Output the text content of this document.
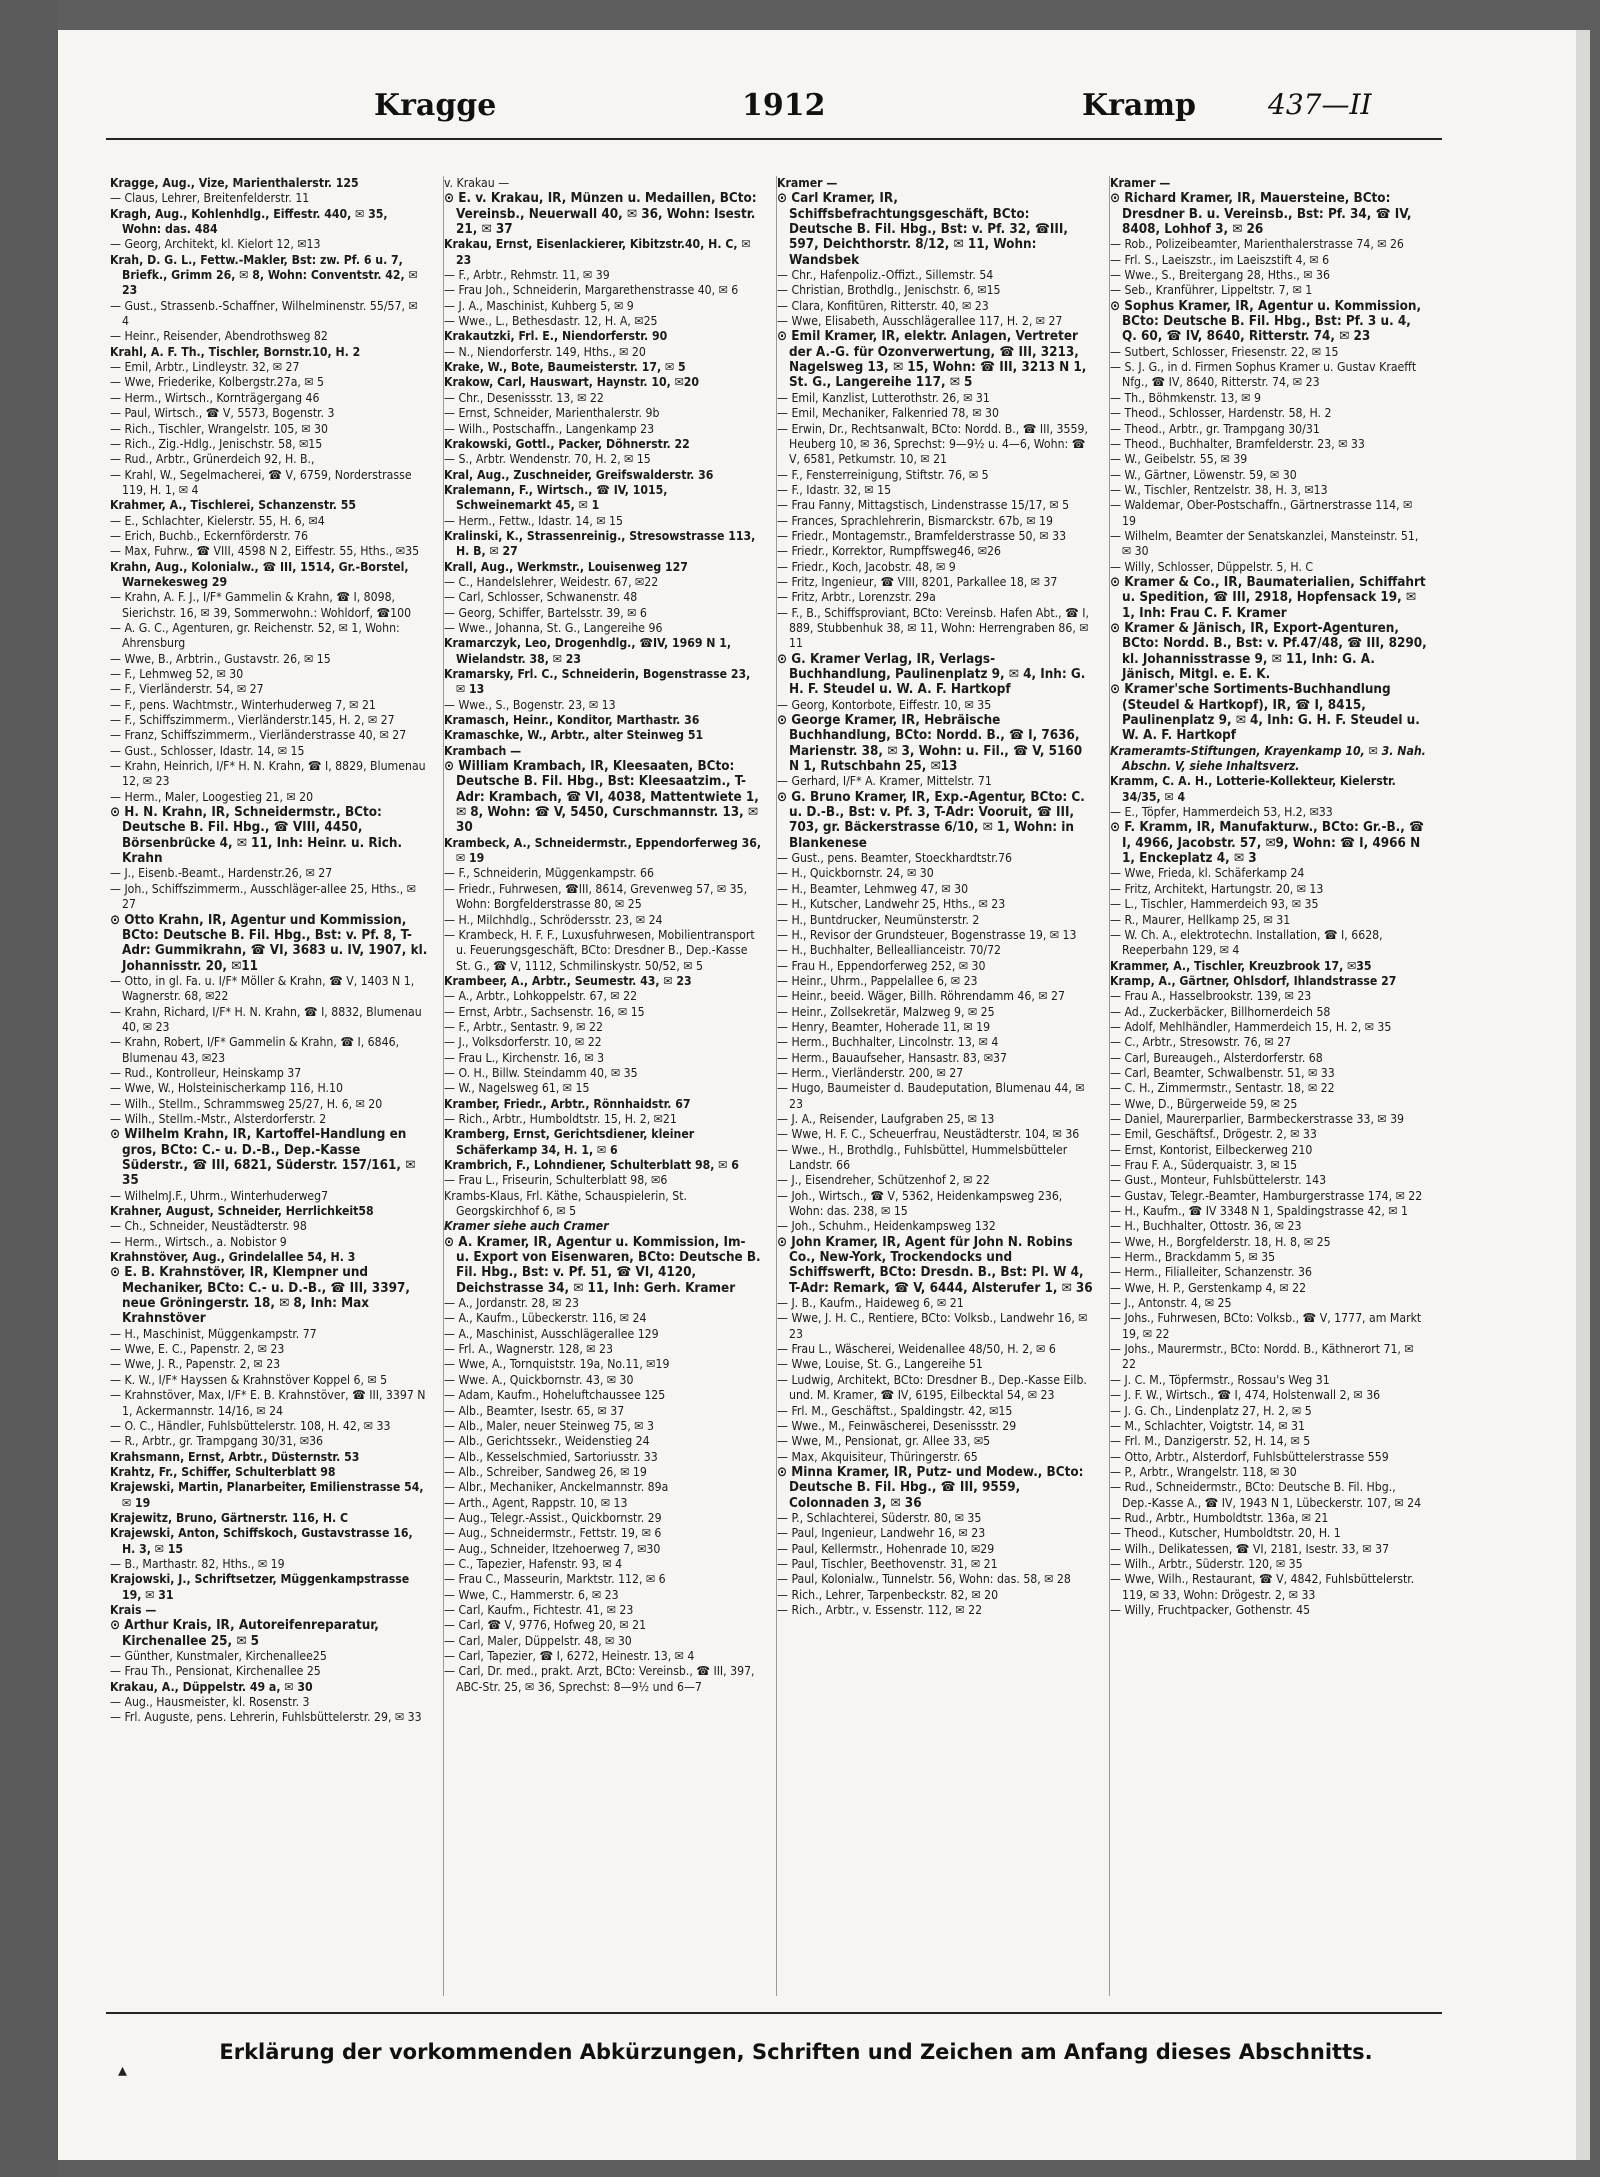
Kragge	1912	Kramp	437—II
Kragge, Aug., Vize, Marienthalerstr. 125
— Claus, Lehrer, Breitenfelderstr. 11
Kragh, Aug., Kohlenhdlg., Eiffestr. 440, ✉ 35, Wohn: das. 484
— Georg, Architekt, kl. Kielort 12, ✉13
Krah, D. G. L., Fettw.-Makler, Bst: zw. Pf. 6 u. 7, Briefk., Grimm 26, ✉ 8, Wohn: Conventstr. 42, ✉ 23
— Gust., Strassenb.-Schaffner, Wilhelminenstr. 55/57, ✉ 4
— Heinr., Reisender, Abendrothsweg 82
Krahl, A. F. Th., Tischler, Bornstr.10, H. 2
— Emil, Arbtr., Lindleystr. 32, ✉ 27
— Wwe, Friederike, Kolbergstr.27a, ✉ 5
— Herm., Wirtsch., Kornträgergang 46
— Paul, Wirtsch., ☎ V, 5573, Bogenstr. 3
— Rich., Tischler, Wrangelstr. 105, ✉ 30
— Rich., Zig.-Hdlg., Jenischstr. 58, ✉15
— Rud., Arbtr., Grünerdeich 92, H. B.,
— Krahl, W., Segelmacherei, ☎ V, 6759, Norderstrasse 119, H. 1, ✉ 4
Krahmer, A., Tischlerei, Schanzenstr. 55
— E., Schlachter, Kielerstr. 55, H. 6, ✉4
— Erich, Buchb., Eckernförderstr. 76
— Max, Fuhrw., ☎ VIII, 4598 N 2, Eiffestr. 55, Hths., ✉35
Krahn, Aug., Kolonialw., ☎ III, 1514, Gr.-Borstel, Warnekesweg 29
— Krahn, A. F. J., I/F* Gammelin & Krahn, ☎ I, 8098, Sierichstr. 16, ✉ 39, Sommerwohn.: Wohldorf, ☎100
— A. G. C., Agenturen, gr. Reichenstr. 52, ✉ 1, Wohn: Ahrensburg
— Wwe, B., Arbtrin., Gustavstr. 26, ✉ 15
— F., Lehmweg 52, ✉ 30
— F., Vierländerstr. 54, ✉ 27
— F., pens. Wachtmstr., Winterhuderweg 7, ✉ 21
— F., Schiffszimmerm., Vierländerstr.145, H. 2, ✉ 27
— Franz, Schiffszimmerm., Vierländerstrasse 40, ✉ 27
— Gust., Schlosser, Idastr. 14, ✉ 15
— Krahn, Heinrich, I/F* H. N. Krahn, ☎ I, 8829, Blumenau 12, ✉ 23
— Herm., Maler, Loogestieg 21, ✉ 20
⊙ H. N. Krahn, IR, Schneidermstr., BCto: Deutsche B. Fil. Hbg., ☎ VIII, 4450, Börsenbrücke 4, ✉ 11, Inh: Heinr. u. Rich. Krahn
— J., Eisenb.-Beamt., Hardenstr.26, ✉ 27
— Joh., Schiffszimmerm., Ausschläger-allee 25, Hths., ✉ 27
⊙ Otto Krahn, IR, Agentur und Kommission, BCto: Deutsche B. Fil. Hbg., Bst: v. Pf. 8, T-Adr: Gummikrahn, ☎ VI, 3683 u. IV, 1907, kl. Johannisstr. 20, ✉11
— Otto, in gl. Fa. u. I/F* Möller & Krahn, ☎ V, 1403 N 1, Wagnerstr. 68, ✉22
— Krahn, Richard, I/F* H. N. Krahn, ☎ I, 8832, Blumenau 40, ✉ 23
— Krahn, Robert, I/F* Gammelin & Krahn, ☎ I, 6846, Blumenau 43, ✉23
— Rud., Kontrolleur, Heinskamp 37
— Wwe, W., Holsteinischerkamp 116, H.10
— Wilh., Stellm., Schrammsweg 25/27, H. 6, ✉ 20
— Wilh., Stellm.-Mstr., Alsterdorferstr. 2
⊙ Wilhelm Krahn, IR, Kartoffel-Handlung en gros, BCto: C.- u. D.-B., Dep.-Kasse Süderstr., ☎ III, 6821, Süderstr. 157/161, ✉ 35
— WilhelmJ.F., Uhrm., Winterhuderweg7
Krahner, August, Schneider, Herrlichkeit58
— Ch., Schneider, Neustädterstr. 98
— Herm., Wirtsch., a. Nobistor 9
Krahnstöver, Aug., Grindelallee 54, H. 3
⊙ E. B. Krahnstöver, IR, Klempner und Mechaniker, BCto: C.- u. D.-B., ☎ III, 3397, neue Gröningerstr. 18, ✉ 8, Inh: Max Krahnstöver
— H., Maschinist, Müggenkampstr. 77
— Wwe, E. C., Papenstr. 2, ✉ 23
— Wwe, J. R., Papenstr. 2, ✉ 23
— K. W., I/F* Hayssen & Krahnstöver Koppel 6, ✉ 5
— Krahnstöver, Max, I/F* E. B. Krahnstöver, ☎ III, 3397 N 1, Ackermannstr. 14/16, ✉ 24
— O. C., Händler, Fuhlsbüttelerstr. 108, H. 42, ✉ 33
— R., Arbtr., gr. Trampgang 30/31, ✉36
Krahsmann, Ernst, Arbtr., Düsternstr. 53
Krahtz, Fr., Schiffer, Schulterblatt 98
Krajewski, Martin, Planarbeiter, Emilienstrasse 54, ✉ 19
Krajewitz, Bruno, Gärtnerstr. 116, H. C
Krajewski, Anton, Schiffskoch, Gustavstrasse 16, H. 3, ✉ 15
— B., Marthastr. 82, Hths., ✉ 19
Krajowski, J., Schriftsetzer, Müggenkampstrasse 19, ✉ 31
Krais —
⊙ Arthur Krais, IR, Autoreifenreparatur, Kirchenallee 25, ✉ 5
— Günther, Kunstmaler, Kirchenallee25
— Frau Th., Pensionat, Kirchenallee 25
Krakau, A., Düppelstr. 49 a, ✉ 30
— Aug., Hausmeister, kl. Rosenstr. 3
— Frl. Auguste, pens. Lehrerin, Fuhlsbüttelerstr. 29, ✉ 33
v. Krakau —
⊙ E. v. Krakau, IR, Münzen u. Medaillen, BCto: Vereinsb., Neuerwall 40, ✉ 36, Wohn: Isestr. 21, ✉ 37
Krakau, Ernst, Eisenlackierer, Kibitzstr.40, H. C, ✉ 23
— F., Arbtr., Rehmstr. 11, ✉ 39
— Frau Joh., Schneiderin, Margarethenstrasse 40, ✉ 6
— J. A., Maschinist, Kuhberg 5, ✉ 9
— Wwe., L., Bethesdastr. 12, H. A, ✉25
Krakautzki, Frl. E., Niendorferstr. 90
— N., Niendorferstr. 149, Hths., ✉ 20
Krake, W., Bote, Baumeisterstr. 17, ✉ 5
Krakow, Carl, Hauswart, Haynstr. 10, ✉20
— Chr., Desenissstr. 13, ✉ 22
— Ernst, Schneider, Marienthalerstr. 9b
— Wilh., Postschaffn., Langenkamp 23
Krakowski, Gottl., Packer, Döhnerstr. 22
— S., Arbtr. Wendenstr. 70, H. 2, ✉ 15
Kral, Aug., Zuschneider, Greifswalderstr. 36
Kralemann, F., Wirtsch., ☎ IV, 1015, Schweinemarkt 45, ✉ 1
— Herm., Fettw., Idastr. 14, ✉ 15
Kralinski, K., Strassenreinig., Stresowstrasse 113, H. B, ✉ 27
Krall, Aug., Werkmstr., Louisenweg 127
— C., Handelslehrer, Weidestr. 67, ✉22
— Carl, Schlosser, Schwanenstr. 48
— Georg, Schiffer, Bartelsstr. 39, ✉ 6
— Wwe., Johanna, St. G., Langereihe 96
Kramarczyk, Leo, Drogenhdlg., ☎IV, 1969 N 1, Wielandstr. 38, ✉ 23
Kramarsky, Frl. C., Schneiderin, Bogenstrasse 23, ✉ 13
— Wwe., S., Bogenstr. 23, ✉ 13
Kramasch, Heinr., Konditor, Marthastr. 36
Kramaschke, W., Arbtr., alter Steinweg 51
Krambach —
⊙ William Krambach, IR, Kleesaaten, BCto: Deutsche B. Fil. Hbg., Bst: Kleesaatzim., T-Adr: Krambach, ☎ VI, 4038, Mattentwiete 1, ✉ 8, Wohn: ☎ V, 5450, Curschmannstr. 13, ✉ 30
Krambeck, A., Schneidermstr., Eppendorferweg 36, ✉ 19
— F., Schneiderin, Müggenkampstr. 66
— Friedr., Fuhrwesen, ☎III, 8614, Grevenweg 57, ✉ 35, Wohn: Borgfelderstrasse 80, ✉ 25
— H., Milchhdlg., Schrödersstr. 23, ✉ 24
— Krambeck, H. F. F., Luxusfuhrwesen, Mobilientransport u. Feuerungsgeschäft, BCto: Dresdner B., Dep.-Kasse St. G., ☎ V, 1112, Schmilinskystr. 50/52, ✉ 5
Krambeer, A., Arbtr., Seumestr. 43, ✉ 23
— A., Arbtr., Lohkoppelstr. 67, ✉ 22
— Ernst, Arbtr., Sachsenstr. 16, ✉ 15
— F., Arbtr., Sentastr. 9, ✉ 22
— J., Volksdorferstr. 10, ✉ 22
— Frau L., Kirchenstr. 16, ✉ 3
— O. H., Billw. Steindamm 40, ✉ 35
— W., Nagelsweg 61, ✉ 15
Kramber, Friedr., Arbtr., Rönnhaidstr. 67
— Rich., Arbtr., Humboldtstr. 15, H. 2, ✉21
Kramberg, Ernst, Gerichtsdiener, kleiner Schäferkamp 34, H. 1, ✉ 6
Krambrich, F., Lohndiener, Schulterblatt 98, ✉ 6
— Frau L., Friseurin, Schulterblatt 98, ✉6
Krambs-Klaus, Frl. Käthe, Schauspielerin, St. Georgskirchhof 6, ✉ 5
Kramer siehe auch Cramer
⊙ A. Kramer, IR, Agentur u. Kommission, Im- u. Export von Eisenwaren, BCto: Deutsche B. Fil. Hbg., Bst: v. Pf. 51, ☎ VI, 4120, Deichstrasse 34, ✉ 11, Inh: Gerh. Kramer
— A., Jordanstr. 28, ✉ 23
— A., Kaufm., Lübeckerstr. 116, ✉ 24
— A., Maschinist, Ausschlägerallee 129
— Frl. A., Wagnerstr. 128, ✉ 23
— Wwe, A., Tornquiststr. 19a, No.11, ✉19
— Wwe. A., Quickbornstr. 43, ✉ 30
— Adam, Kaufm., Hoheluftchaussee 125
— Alb., Beamter, Isestr. 65, ✉ 37
— Alb., Maler, neuer Steinweg 75, ✉ 3
— Alb., Gerichtssekr., Weidenstieg 24
— Alb., Kesselschmied, Sartoriusstr. 33
— Alb., Schreiber, Sandweg 26, ✉ 19
— Albr., Mechaniker, Anckelmannstr. 89a
— Arth., Agent, Rappstr. 10, ✉ 13
— Aug., Telegr.-Assist., Quickbornstr. 29
— Aug., Schneidermstr., Fettstr. 19, ✉ 6
— Aug., Schneider, Itzehoerweg 7, ✉30
— C., Tapezier, Hafenstr. 93, ✉ 4
— Frau C., Masseurin, Marktstr. 112, ✉ 6
— Wwe, C., Hammerstr. 6, ✉ 23
— Carl, Kaufm., Fichtestr. 41, ✉ 23
— Carl, ☎ V, 9776, Hofweg 20, ✉ 21
— Carl, Maler, Düppelstr. 48, ✉ 30
— Carl, Tapezier, ☎ I, 6272, Heinestr. 13, ✉ 4
— Carl, Dr. med., prakt. Arzt, BCto: Vereinsb., ☎ III, 397, ABC-Str. 25, ✉ 36, Sprechst: 8—9½ und 6—7
Kramer —
⊙ Carl Kramer, IR, Schiffsbefrachtungsgeschäft, BCto: Deutsche B. Fil. Hbg., Bst: v. Pf. 32, ☎III, 597, Deichthorstr. 8/12, ✉ 11, Wohn: Wandsbek
— Chr., Hafenpoliz.-Offizt., Sillemstr. 54
— Christian, Brothdlg., Jenischstr. 6, ✉15
— Clara, Konfitüren, Ritterstr. 40, ✉ 23
— Wwe, Elisabeth, Ausschlägerallee 117, H. 2, ✉ 27
⊙ Emil Kramer, IR, elektr. Anlagen, Vertreter der A.-G. für Ozonverwertung, ☎ III, 3213, Nagelsweg 13, ✉ 15, Wohn: ☎ III, 3213 N 1, St. G., Langereihe 117, ✉ 5
— Emil, Kanzlist, Lutterothstr. 26, ✉ 31
— Emil, Mechaniker, Falkenried 78, ✉ 30
— Erwin, Dr., Rechtsanwalt, BCto: Nordd. B., ☎ III, 3559, Heuberg 10, ✉ 36, Sprechst: 9—9½ u. 4—6, Wohn: ☎ V, 6581, Petkumstr. 10, ✉ 21
— F., Fensterreinigung, Stiftstr. 76, ✉ 5
— F., Idastr. 32, ✉ 15
— Frau Fanny, Mittagstisch, Lindenstrasse 15/17, ✉ 5
— Frances, Sprachlehrerin, Bismarckstr. 67b, ✉ 19
— Friedr., Montagemstr., Bramfelderstrasse 50, ✉ 33
— Friedr., Korrektor, Rumpffsweg46, ✉26
— Friedr., Koch, Jacobstr. 48, ✉ 9
— Fritz, Ingenieur, ☎ VIII, 8201, Parkallee 18, ✉ 37
— Fritz, Arbtr., Lorenzstr. 29a
— F., B., Schiffsproviant, BCto: Vereinsb. Hafen Abt., ☎ I, 889, Stubbenhuk 38, ✉ 11, Wohn: Herrengraben 86, ✉ 11
⊙ G. Kramer Verlag, IR, Verlags-Buchhandlung, Paulinenplatz 9, ✉ 4, Inh: G. H. F. Steudel u. W. A. F. Hartkopf
— Georg, Kontorbote, Eiffestr. 10, ✉ 35
⊙ George Kramer, IR, Hebräische Buchhandlung, BCto: Nordd. B., ☎ I, 7636, Marienstr. 38, ✉ 3, Wohn: u. Fil., ☎ V, 5160 N 1, Rutschbahn 25, ✉13
— Gerhard, I/F* A. Kramer, Mittelstr. 71
⊙ G. Bruno Kramer, IR, Exp.-Agentur, BCto: C. u. D.-B., Bst: v. Pf. 3, T-Adr: Vooruit, ☎ III, 703, gr. Bäckerstrasse 6/10, ✉ 1, Wohn: in Blankenese
— Gust., pens. Beamter, Stoeckhardtstr.76
— H., Quickbornstr. 24, ✉ 30
— H., Beamter, Lehmweg 47, ✉ 30
— H., Kutscher, Landwehr 25, Hths., ✉ 23
— H., Buntdrucker, Neumünsterstr. 2
— H., Revisor der Grundsteuer, Bogenstrasse 19, ✉ 13
— H., Buchhalter, Belleallianceistr. 70/72
— Frau H., Eppendorferweg 252, ✉ 30
— Heinr., Uhrm., Pappelallee 6, ✉ 23
— Heinr., beeid. Wäger, Billh. Röhrendamm 46, ✉ 27
— Heinr., Zollsekretär, Malzweg 9, ✉ 25
— Henry, Beamter, Hoherade 11, ✉ 19
— Herm., Buchhalter, Lincolnstr. 13, ✉ 4
— Herm., Bauaufseher, Hansastr. 83, ✉37
— Herm., Vierländerstr. 200, ✉ 27
— Hugo, Baumeister d. Baudeputation, Blumenau 44, ✉ 23
— J. A., Reisender, Laufgraben 25, ✉ 13
— Wwe, H. F. C., Scheuerfrau, Neustädterstr. 104, ✉ 36
— Wwe., H., Brothdlg., Fuhlsbüttel, Hummelsbütteler Landstr. 66
— J., Eisendreher, Schützenhof 2, ✉ 22
— Joh., Wirtsch., ☎ V, 5362, Heidenkampsweg 236, Wohn: das. 238, ✉ 15
— Joh., Schuhm., Heidenkampsweg 132
⊙ John Kramer, IR, Agent für John N. Robins Co., New-York, Trockendocks und Schiffswerft, BCto: Dresdn. B., Bst: Pl. W 4, T-Adr: Remark, ☎ V, 6444, Alsterufer 1, ✉ 36
— J. B., Kaufm., Haideweg 6, ✉ 21
— Wwe, J. H. C., Rentiere, BCto: Volksb., Landwehr 16, ✉ 23
— Frau L., Wäscherei, Weidenallee 48/50, H. 2, ✉ 6
— Wwe, Louise, St. G., Langereihe 51
— Ludwig, Architekt, BCto: Dresdner B., Dep.-Kasse Eilb. und. M. Kramer, ☎ IV, 6195, Eilbecktal 54, ✉ 23
— Frl. M., Geschäftst., Spaldingstr. 42, ✉15
— Wwe., M., Feinwäscherei, Desenissstr. 29
— Wwe, M., Pensionat, gr. Allee 33, ✉5
— Max, Akquisiteur, Thüringerstr. 65
⊙ Minna Kramer, IR, Putz- und Modew., BCto: Deutsche B. Fil. Hbg., ☎ III, 9559, Colonnaden 3, ✉ 36
— P., Schlachterei, Süderstr. 80, ✉ 35
— Paul, Ingenieur, Landwehr 16, ✉ 23
— Paul, Kellermstr., Hohenrade 10, ✉29
— Paul, Tischler, Beethovenstr. 31, ✉ 21
— Paul, Kolonialw., Tunnelstr. 56, Wohn: das. 58, ✉ 28
— Rich., Lehrer, Tarpenbeckstr. 82, ✉ 20
— Rich., Arbtr., v. Essenstr. 112, ✉ 22
Kramer —
⊙ Richard Kramer, IR, Mauersteine, BCto: Dresdner B. u. Vereinsb., Bst: Pf. 34, ☎ IV, 8408, Lohhof 3, ✉ 26
— Rob., Polizeibeamter, Marienthalerstrasse 74, ✉ 26
— Frl. S., Laeiszstr., im Laeiszstift 4, ✉ 6
— Wwe., S., Breitergang 28, Hths., ✉ 36
— Seb., Kranführer, Lippeltstr. 7, ✉ 1
⊙ Sophus Kramer, IR, Agentur u. Kommission, BCto: Deutsche B. Fil. Hbg., Bst: Pf. 3 u. 4, Q. 60, ☎ IV, 8640, Ritterstr. 74, ✉ 23
— Sutbert, Schlosser, Friesenstr. 22, ✉ 15
— S. J. G., in d. Firmen Sophus Kramer u. Gustav Kraefft Nfg., ☎ IV, 8640, Ritterstr. 74, ✉ 23
— Th., Böhmkenstr. 13, ✉ 9
— Theod., Schlosser, Hardenstr. 58, H. 2
— Theod., Arbtr., gr. Trampgang 30/31
— Theod., Buchhalter, Bramfelderstr. 23, ✉ 33
— W., Geibelstr. 55, ✉ 39
— W., Gärtner, Löwenstr. 59, ✉ 30
— W., Tischler, Rentzelstr. 38, H. 3, ✉13
— Waldemar, Ober-Postschaffn., Gärtnerstrasse 114, ✉ 19
— Wilhelm, Beamter der Senatskanzlei, Mansteinstr. 51, ✉ 30
— Willy, Schlosser, Düppelstr. 5, H. C
⊙ Kramer & Co., IR, Baumaterialien, Schiffahrt u. Spedition, ☎ III, 2918, Hopfensack 19, ✉ 1, Inh: Frau C. F. Kramer
⊙ Kramer & Jänisch, IR, Export-Agenturen, BCto: Nordd. B., Bst: v. Pf.47/48, ☎ III, 8290, kl. Johannisstrasse 9, ✉ 11, Inh: G. A. Jänisch, Mitgl. e. E. K.
⊙ Kramer'sche Sortiments-Buchhandlung (Steudel & Hartkopf), IR, ☎ I, 8415, Paulinenplatz 9, ✉ 4, Inh: G. H. F. Steudel u. W. A. F. Hartkopf
Krameramts-Stiftungen, Krayenkamp 10, ✉ 3. Nah. Abschn. V, siehe Inhaltsverz.
Kramm, C. A. H., Lotterie-Kollekteur, Kielerstr. 34/35, ✉ 4
— E., Töpfer, Hammerdeich 53, H.2, ✉33
⊙ F. Kramm, IR, Manufakturw., BCto: Gr.-B., ☎ I, 4966, Jacobstr. 57, ✉9, Wohn: ☎ I, 4966 N 1, Enckeplatz 4, ✉ 3
— Wwe, Frieda, kl. Schäferkamp 24
— Fritz, Architekt, Hartungstr. 20, ✉ 13
— L., Tischler, Hammerdeich 93, ✉ 35
— R., Maurer, Hellkamp 25, ✉ 31
— W. Ch. A., elektrotechn. Installation, ☎ I, 6628, Reeperbahn 129, ✉ 4
Krammer, A., Tischler, Kreuzbrook 17, ✉35
Kramp, A., Gärtner, Ohlsdorf, Ihlandstrasse 27
— Frau A., Hasselbrookstr. 139, ✉ 23
— Ad., Zuckerbäcker, Billhornerdeich 58
— Adolf, Mehlhändler, Hammerdeich 15, H. 2, ✉ 35
— C., Arbtr., Stresowstr. 76, ✉ 27
— Carl, Bureaugeh., Alsterdorferstr. 68
— Carl, Beamter, Schwalbenstr. 51, ✉ 33
— C. H., Zimmermstr., Sentastr. 18, ✉ 22
— Wwe, D., Bürgerweide 59, ✉ 25
— Daniel, Maurerparlier, Barmbeckerstrasse 33, ✉ 39
— Emil, Geschäftsf., Drögestr. 2, ✉ 33
— Ernst, Kontorist, Eilbeckerweg 210
— Frau F. A., Süderquaistr. 3, ✉ 15
— Gust., Monteur, Fuhlsbüttelerstr. 143
— Gustav, Telegr.-Beamter, Hamburgerstrasse 174, ✉ 22
— H., Kaufm., ☎ IV 3348 N 1, Spaldingstrasse 42, ✉ 1
— H., Buchhalter, Ottostr. 36, ✉ 23
— Wwe, H., Borgfelderstr. 18, H. 8, ✉ 25
— Herm., Brackdamm 5, ✉ 35
— Herm., Filialleiter, Schanzenstr. 36
— Wwe, H. P., Gerstenkamp 4, ✉ 22
— J., Antonstr. 4, ✉ 25
— Johs., Fuhrwesen, BCto: Volksb., ☎ V, 1777, am Markt 19, ✉ 22
— Johs., Maurermstr., BCto: Nordd. B., Käthnerort 71, ✉ 22
— J. C. M., Töpfermstr., Rossau's Weg 31
— J. F. W., Wirtsch., ☎ I, 474, Holstenwall 2, ✉ 36
— J. G. Ch., Lindenplatz 27, H. 2, ✉ 5
— M., Schlachter, Voigtstr. 14, ✉ 31
— Frl. M., Danzigerstr. 52, H. 14, ✉ 5
— Otto, Arbtr., Alsterdorf, Fuhlsbüttelerstrasse 559
— P., Arbtr., Wrangelstr. 118, ✉ 30
— Rud., Schneidermstr., BCto: Deutsche B. Fil. Hbg., Dep.-Kasse A., ☎ IV, 1943 N 1, Lübeckerstr. 107, ✉ 24
— Rud., Arbtr., Humboldtstr. 136a, ✉ 21
— Theod., Kutscher, Humboldtstr. 20, H. 1
— Wilh., Delikatessen, ☎ VI, 2181, Isestr. 33, ✉ 37
— Wilh., Arbtr., Süderstr. 120, ✉ 35
— Wwe, Wilh., Restaurant, ☎ V, 4842, Fuhlsbüttelerstr. 119, ✉ 33, Wohn: Drögestr. 2, ✉ 33
— Willy, Fruchtpacker, Gothenstr. 45
Erklärung der vorkommenden Abkürzungen, Schriften und Zeichen am Anfang dieses Abschnitts.
▴
